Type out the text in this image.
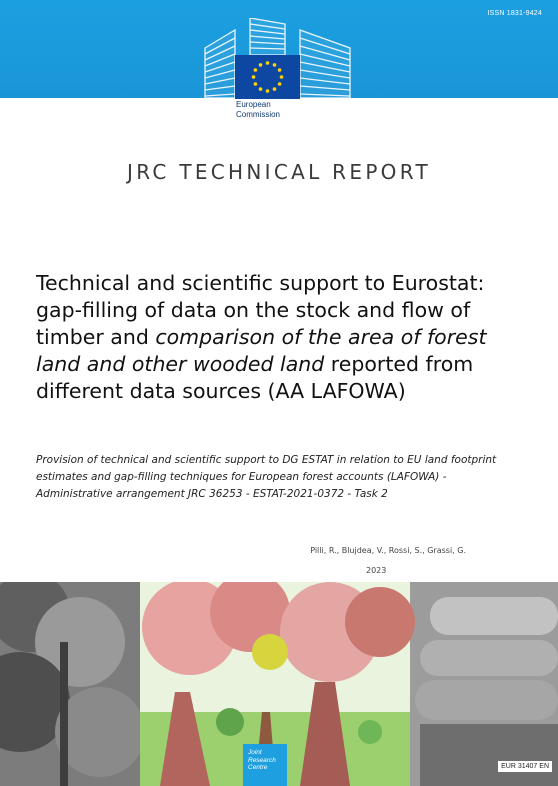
ISSN 1831-9424
European
Commission
JRC TECHNICAL REPORT
Technical and scientific support to Eurostat: gap-filling of data on the stock and flow of timber and comparison of the area of forest land and other wooded land reported from different data sources (AA LAFOWA)
Provision of technical and scientific support to DG ESTAT in relation to EU land footprint estimates and gap-filling techniques for European forest accounts (LAFOWA) - Administrative arrangement JRC 36253 - ESTAT-2021-0372 - Task 2
Pilli, R., Blujdea, V., Rossi, S., Grassi, G.
2023
Joint
Research
Centre	EUR 31407 EN
